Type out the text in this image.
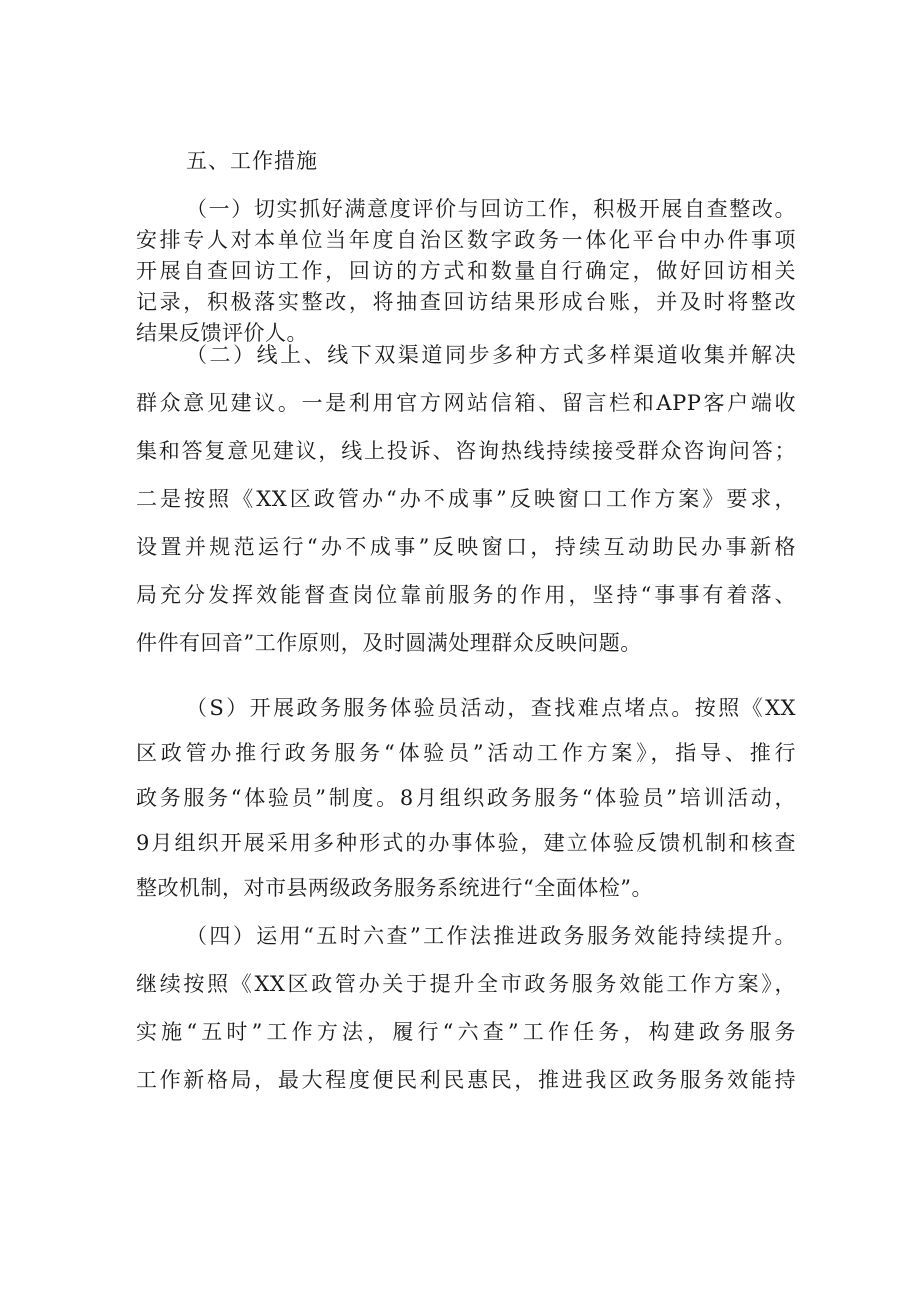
五、工作措施
（一）切实抓好满意度评价与回访工作，积极开展自查整改。
安排专人对本单位当年度自治区数字政务一体化平台中办件事项
开展自查回访工作，回访的方式和数量自行确定，做好回访相关
记录，积极落实整改，将抽查回访结果形成台账，并及时将整改
结果反馈评价人。
（二）线上、线下双渠道同步多种方式多样渠道收集并解决
群众意见建议。一是利用官方网站信箱、留言栏和APP客户端收
集和答复意见建议，线上投诉、咨询热线持续接受群众咨询问答；
二是按照《XX区政管办“办不成事”反映窗口工作方案》要求，
设置并规范运行“办不成事”反映窗口，持续互动助民办事新格
局充分发挥效能督查岗位靠前服务的作用，坚持“事事有着落、
件件有回音”工作原则，及时圆满处理群众反映问题。
（S）开展政务服务体验员活动，查找难点堵点。按照《XX
区政管办推行政务服务“体验员”活动工作方案》，指导、推行
政务服务“体验员”制度。8月组织政务服务“体验员”培训活动，
9月组织开展采用多种形式的办事体验，建立体验反馈机制和核查
整改机制，对市县两级政务服务系统进行“全面体检”。
（四）运用“五时六查”工作法推进政务服务效能持续提升。
继续按照《XX区政管办关于提升全市政务服务效能工作方案》，
实施“五时”工作方法，履行“六查”工作任务，构建政务服务
工作新格局，最大程度便民利民惠民，推进我区政务服务效能持
